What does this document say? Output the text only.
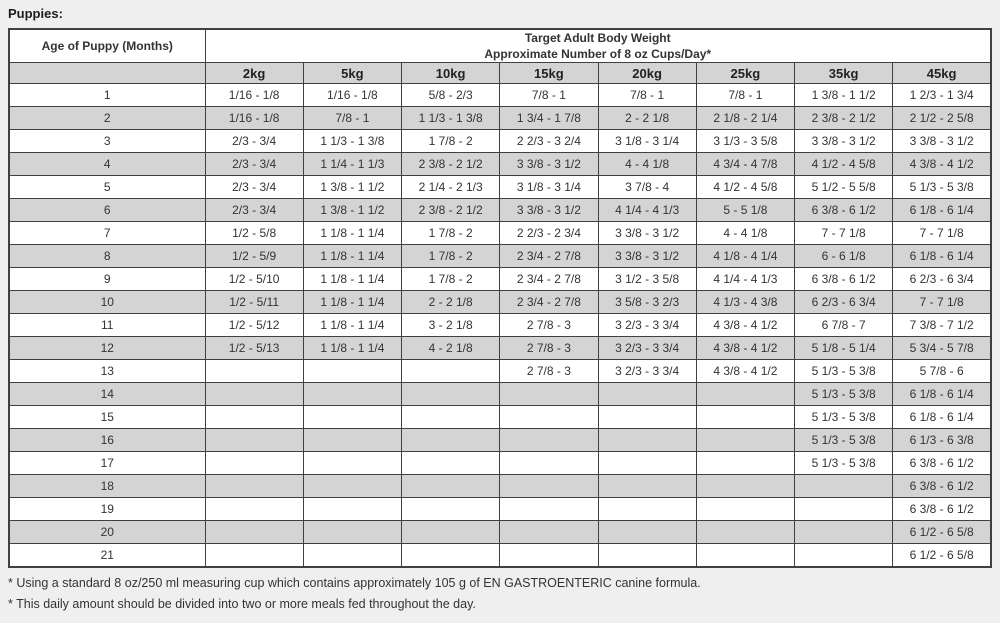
Puppies:
Age of Puppy (Months)	Target Adult Body Weight
Approximate Number of 8 oz Cups/Day*							

	2kg	5kg	10kg	15kg	20kg	25kg	35kg	45kg
1	1/16 - 1/8	1/16 - 1/8	5/8 - 2/3	7/8 - 1	7/8 - 1	7/8 - 1	1 3/8 - 1 1/2	1 2/3 - 1 3/4
2	1/16 - 1/8	7/8 - 1	1 1/3 - 1 3/8	1 3/4 - 1 7/8	2 - 2 1/8	2 1/8 - 2 1/4	2 3/8 - 2 1/2	2 1/2 - 2 5/8
3	2/3 - 3/4	1 1/3 - 1 3/8	1 7/8 - 2	2 2/3 - 3 2/4	3 1/8 - 3 1/4	3 1/3 - 3 5/8	3 3/8 - 3 1/2	3 3/8 - 3 1/2
4	2/3 - 3/4	1 1/4 - 1 1/3	2 3/8 - 2 1/2	3 3/8 - 3 1/2	4 - 4 1/8	4 3/4 - 4 7/8	4 1/2 - 4 5/8	4 3/8 - 4 1/2
5	2/3 - 3/4	1 3/8 - 1 1/2	2 1/4 - 2 1/3	3 1/8 - 3 1/4	3 7/8 - 4	4 1/2 - 4 5/8	5 1/2 - 5 5/8	5 1/3 - 5 3/8
6	2/3 - 3/4	1 3/8 - 1 1/2	2 3/8 - 2 1/2	3 3/8 - 3 1/2	4 1/4 - 4 1/3	5 - 5 1/8	6 3/8 - 6 1/2	6 1/8 - 6 1/4
7	1/2 - 5/8	1 1/8 - 1 1/4	1 7/8 - 2	2 2/3 - 2 3/4	3 3/8 - 3 1/2	4 - 4 1/8	7 - 7 1/8	7 - 7 1/8
8	1/2 - 5/9	1 1/8 - 1 1/4	1 7/8 - 2	2 3/4 - 2 7/8	3 3/8 - 3 1/2	4 1/8 - 4 1/4	6 - 6 1/8	6 1/8 - 6 1/4
9	1/2 - 5/10	1 1/8 - 1 1/4	1 7/8 - 2	2 3/4 - 2 7/8	3 1/2 - 3 5/8	4 1/4 - 4 1/3	6 3/8 - 6 1/2	6 2/3 - 6 3/4
10	1/2 - 5/11	1 1/8 - 1 1/4	2 - 2 1/8	2 3/4 - 2 7/8	3 5/8 - 3 2/3	4 1/3 - 4 3/8	6 2/3 - 6 3/4	7 - 7 1/8
11	1/2 - 5/12	1 1/8 - 1 1/4	3 - 2 1/8	2 7/8 - 3	3 2/3 - 3 3/4	4 3/8 - 4 1/2	6 7/8 - 7	7 3/8 - 7 1/2
12	1/2 - 5/13	1 1/8 - 1 1/4	4 - 2 1/8	2 7/8 - 3	3 2/3 - 3 3/4	4 3/8 - 4 1/2	5 1/8 - 5 1/4	5 3/4 - 5 7/8
13				2 7/8 - 3	3 2/3 - 3 3/4	4 3/8 - 4 1/2	5 1/3 - 5 3/8	5 7/8 - 6
14							5 1/3 - 5 3/8	6 1/8 - 6 1/4
15							5 1/3 - 5 3/8	6 1/8 - 6 1/4
16							5 1/3 - 5 3/8	6 1/3 - 6 3/8
17							5 1/3 - 5 3/8	6 3/8 - 6 1/2
18								6 3/8 - 6 1/2
19								6 3/8 - 6 1/2
20								6 1/2 - 6 5/8
21								6 1/2 - 6 5/8
* Using a standard 8 oz/250 ml measuring cup which contains approximately 105 g of EN GASTROENTERIC canine formula.
* This daily amount should be divided into two or more meals fed throughout the day.
